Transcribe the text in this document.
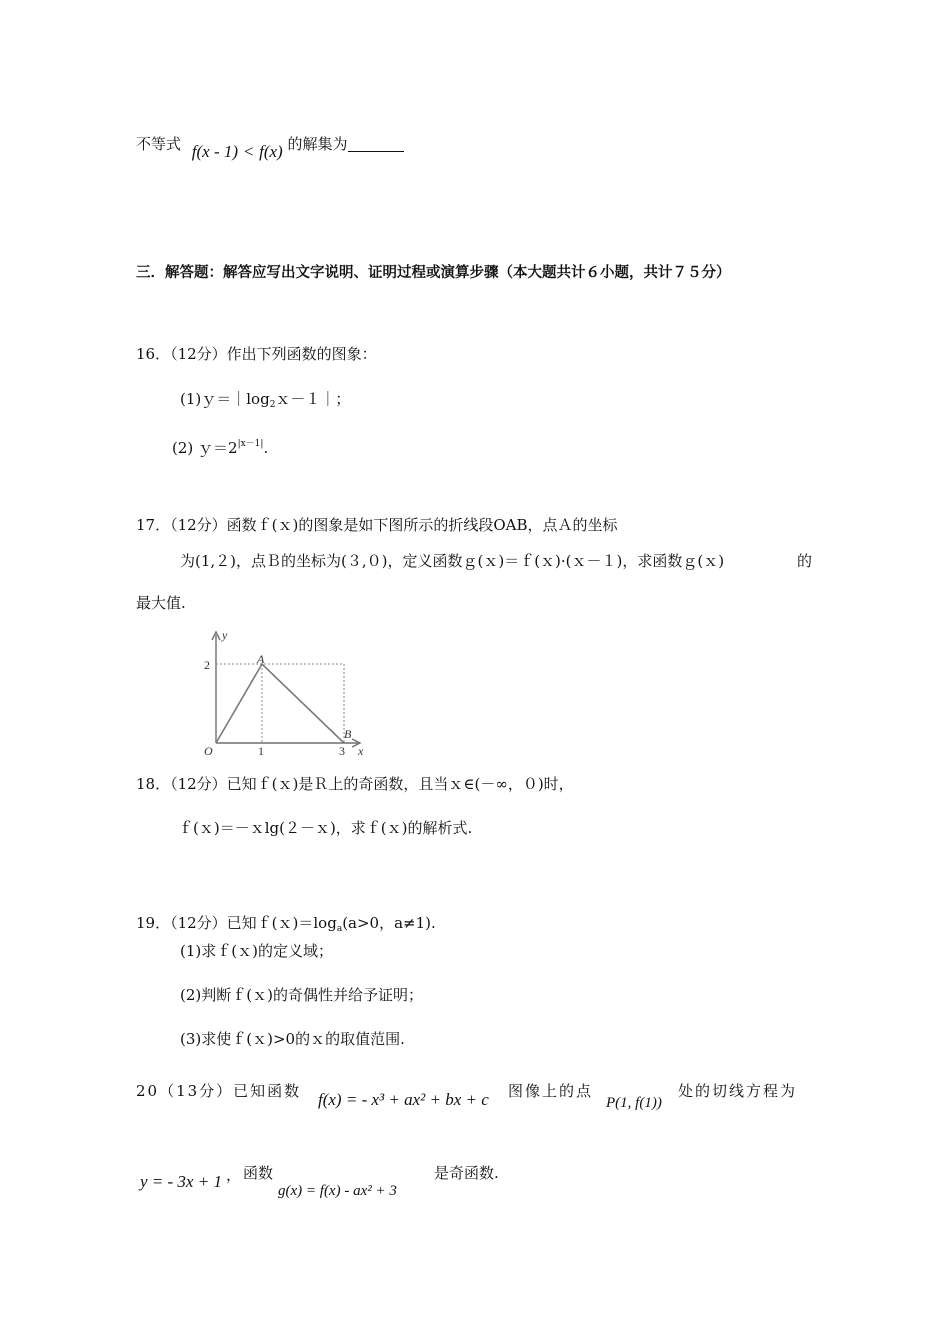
不等式 f(x - 1) < f(x) 的解集为
三．解答题：解答应写出文字说明、证明过程或演算步骤（本大题共计６小题，共计７５分）
16．（12分）作出下列函数的图象：
$(1)y=|\log_2x-1|$；
(2) $y=2^{|x-1|}$.
17．（12分）函数ｆ(ｘ)的图象是如下图所示的折线段OAB，点Ａ的坐标
为(1,２)，点Ｂ的坐标为(３,０)，定义函数ｇ(ｘ)＝ｆ(ｘ)·(ｘ－１)，求函数ｇ(ｘ)	的
最大值.
y
x
O
A
B
1	3
2
18．（12分）已知ｆ(ｘ)是Ｒ上的奇函数，且当ｘ∈(－∞，０)时，
ｆ(ｘ)＝－ｘlg(２－ｘ)，求ｆ(ｘ)的解析式.
19．（12分）已知$f(x)=\log_a(a>0$，a≠1).
(1)求ｆ(ｘ)的定义域；
(2)判断ｆ(ｘ)的奇偶性并给予证明；
(3)求使ｆ(ｘ)>0的ｘ的取值范围.
20（13分）已知函数 f(x) = - x³ + ax² + bx + c 图像上的点
P(1, f(1))
处的切线方程为
y = - 3x + 1 ， 函数
g(x) = f(x) - ax² + 3
是奇函数.
